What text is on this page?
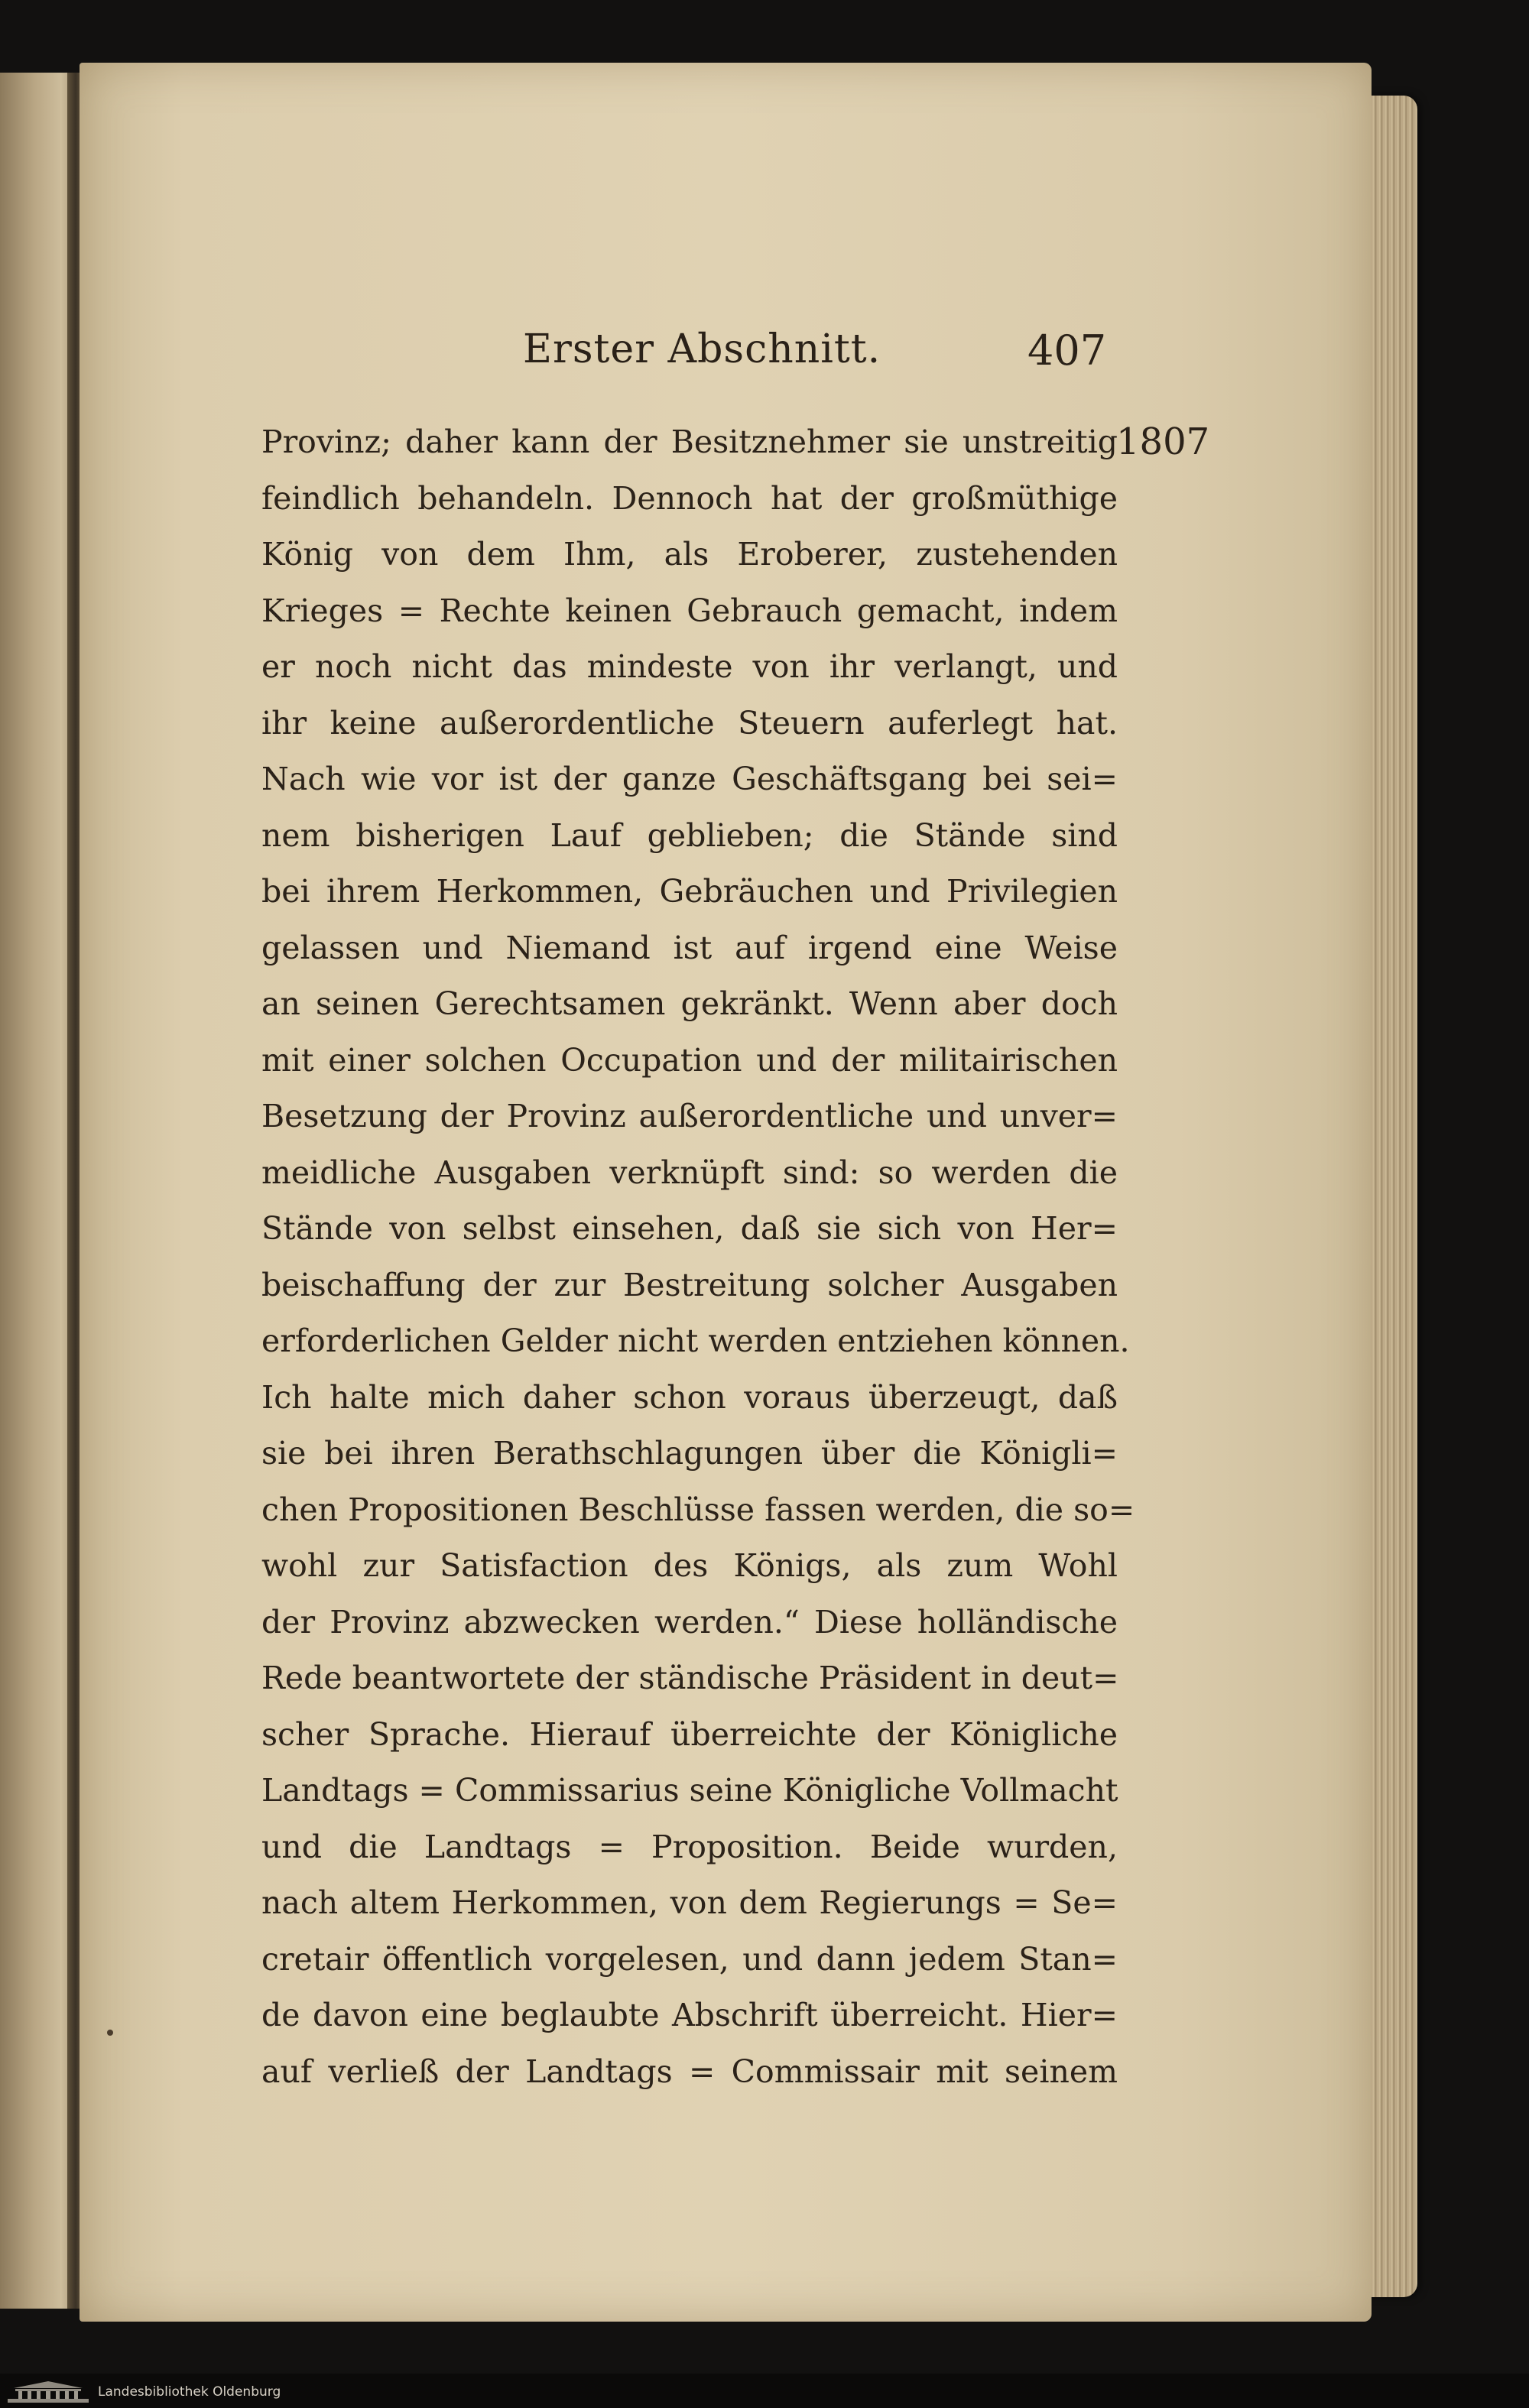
Erster Abschnitt.	407
1807
Provinz; daher kann der Besitznehmer sie unstreitig
feindlich behandeln. Dennoch hat der großmüthige
König von dem Ihm, als Eroberer, zustehenden
Krieges = Rechte keinen Gebrauch gemacht, indem
er noch nicht das mindeste von ihr verlangt, und
ihr keine außerordentliche Steuern auferlegt hat.
Nach wie vor ist der ganze Geschäftsgang bei sei=
nem bisherigen Lauf geblieben; die Stände sind
bei ihrem Herkommen, Gebräuchen und Privilegien
gelassen und Niemand ist auf irgend eine Weise
an seinen Gerechtsamen gekränkt. Wenn aber doch
mit einer solchen Occupation und der militairischen
Besetzung der Provinz außerordentliche und unver=
meidliche Ausgaben verknüpft sind: so werden die
Stände von selbst einsehen, daß sie sich von Her=
beischaffung der zur Bestreitung solcher Ausgaben
erforderlichen Gelder nicht werden entziehen können.
Ich halte mich daher schon voraus überzeugt, daß
sie bei ihren Berathschlagungen über die Königli=
chen Propositionen Beschlüsse fassen werden, die so=
wohl zur Satisfaction des Königs, als zum Wohl
der Provinz abzwecken werden.“ Diese holländische
Rede beantwortete der ständische Präsident in deut=
scher Sprache. Hierauf überreichte der Königliche
Landtags = Commissarius seine Königliche Vollmacht
und die Landtags = Proposition. Beide wurden,
nach altem Herkommen, von dem Regierungs = Se=
cretair öffentlich vorgelesen, und dann jedem Stan=
de davon eine beglaubte Abschrift überreicht. Hier=
auf verließ der Landtags = Commissair mit seinem
Landesbibliothek Oldenburg
